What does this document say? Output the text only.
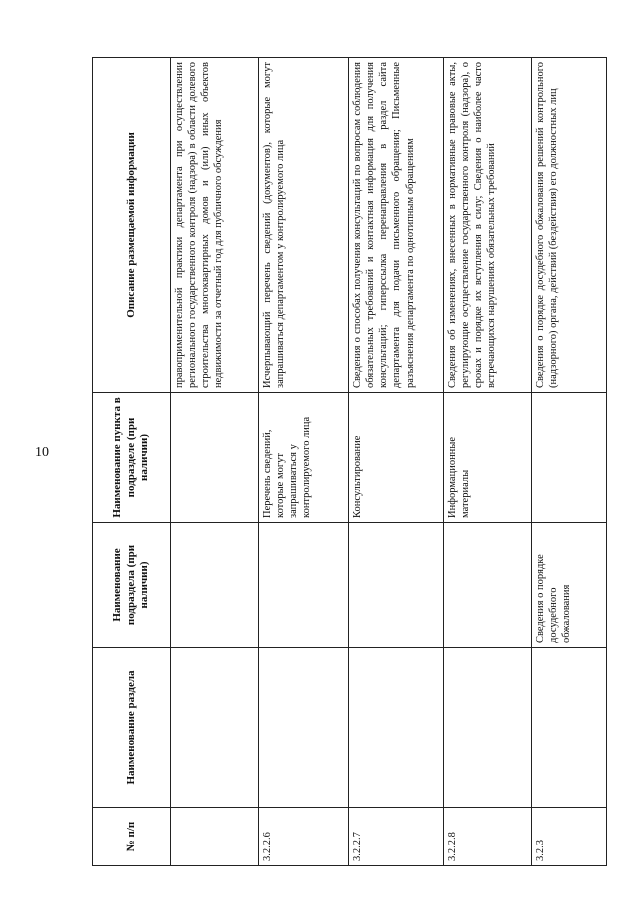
10
№ п/п	Наименование раздела	Наименование подраздела (при наличии)	Наименование пункта в подразделе (при наличии)	Описание размещаемой информации
				правоприменительной практики департамента при осуществлении регионального государственного контроля (надзора) в области долевого строительства многоквартирных домов и (или) иных объектов недвижимости за отчетный год для публичного обсуждения
3.2.2.6			Перечень сведений, которые могут запрашиваться у контролируемого лица	Исчерпывающий перечень сведений (документов), которые могут запрашиваться департаментом у контролируемого лица
3.2.2.7			Консультирование	Сведения о способах получения консультаций по вопросам соблюдения обязательных требований и контактная информация для получения консультаций; гиперссылка перенаправления в раздел сайта департамента для подачи письменного обращения; Письменные разъяснения департамента по однотипным обращениям
3.2.2.8			Информационные материалы	Сведения об изменениях, внесенных в нормативные правовые акты, регулирующие осуществление государственного контроля (надзора), о сроках и порядке их вступления в силу; Сведения о наиболее часто встречающихся нарушениях обязательных требований
3.2.3		Сведения о порядке досудебного обжалования		Сведения о порядке досудебного обжалования решений контрольного (надзорного) органа, действий (бездействия) его должностных лиц
